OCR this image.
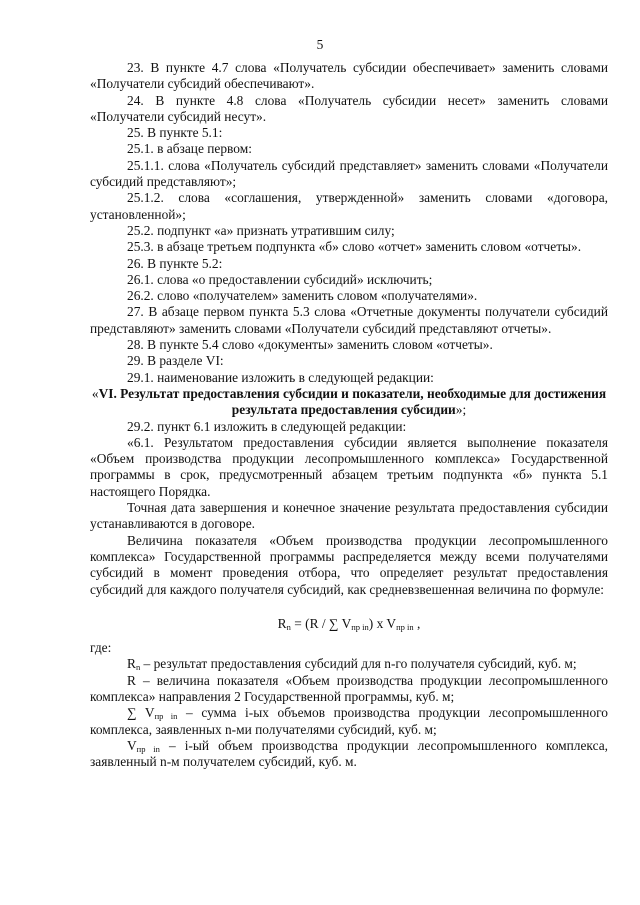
5

23. В пункте 4.7 слова «Получатель субсидии обеспечивает» заменить словами «Получатели субсидий обеспечивают».

24. В пункте 4.8 слова «Получатель субсидии несет» заменить словами «Получатели субсидий несут».

25. В пункте 5.1:

25.1. в абзаце первом:

25.1.1. слова «Получатель субсидий представляет» заменить словами «Получатели субсидий представляют»;

25.1.2. слова «соглашения, утвержденной» заменить словами «договора, установленной»;

25.2. подпункт «а» признать утратившим силу;

25.3. в абзаце третьем подпункта «б» слово «отчет» заменить словом «отчеты».

26. В пункте 5.2:

26.1. слова «о предоставлении субсидий» исключить;

26.2. слово «получателем» заменить словом «получателями».

27. В абзаце первом пункта 5.3 слова «Отчетные документы получатели субсидий представляют» заменить словами «Получатели субсидий представляют отчеты».

28. В пункте 5.4 слово «документы» заменить словом «отчеты».

29. В разделе VI:

29.1. наименование изложить в следующей редакции:

«VI. Результат предоставления субсидии и показатели, необходимые для достижения результата предоставления субсидии»;

29.2. пункт 6.1 изложить в следующей редакции:

«6.1. Результатом предоставления субсидии является выполнение показателя «Объем производства продукции лесопромышленного комплекса» Государственной программы в срок, предусмотренный абзацем третьим подпункта «б» пункта 5.1 настоящего Порядка.

Точная дата завершения и конечное значение результата предоставления субсидии устанавливаются в договоре.

Величина показателя «Объем производства продукции лесопромышленного комплекса» Государственной программы распределяется между всеми получателями субсидий в момент проведения отбора, что определяет результат предоставления субсидий для каждого получателя субсидий, как средневзвешенная величина по формуле:

$R_n = (R$ / ∑ $V_{пр in}$) x $V_{пр in}$ ,

где:

$R_n$ – результат предоставления субсидий для n-го получателя субсидий, куб. м;

R – величина показателя «Объем производства продукции лесопромышленного комплекса» направления 2 Государственной программы, куб. м;

∑ $V_{пр in}$ – сумма i-ых объемов производства продукции лесопромышленного комплекса, заявленных n-ми получателями субсидий, куб. м;

$V_{пр in} - i-ый$ объем производства продукции лесопромышленного комплекса, заявленный n-м получателем субсидий, куб. м.
